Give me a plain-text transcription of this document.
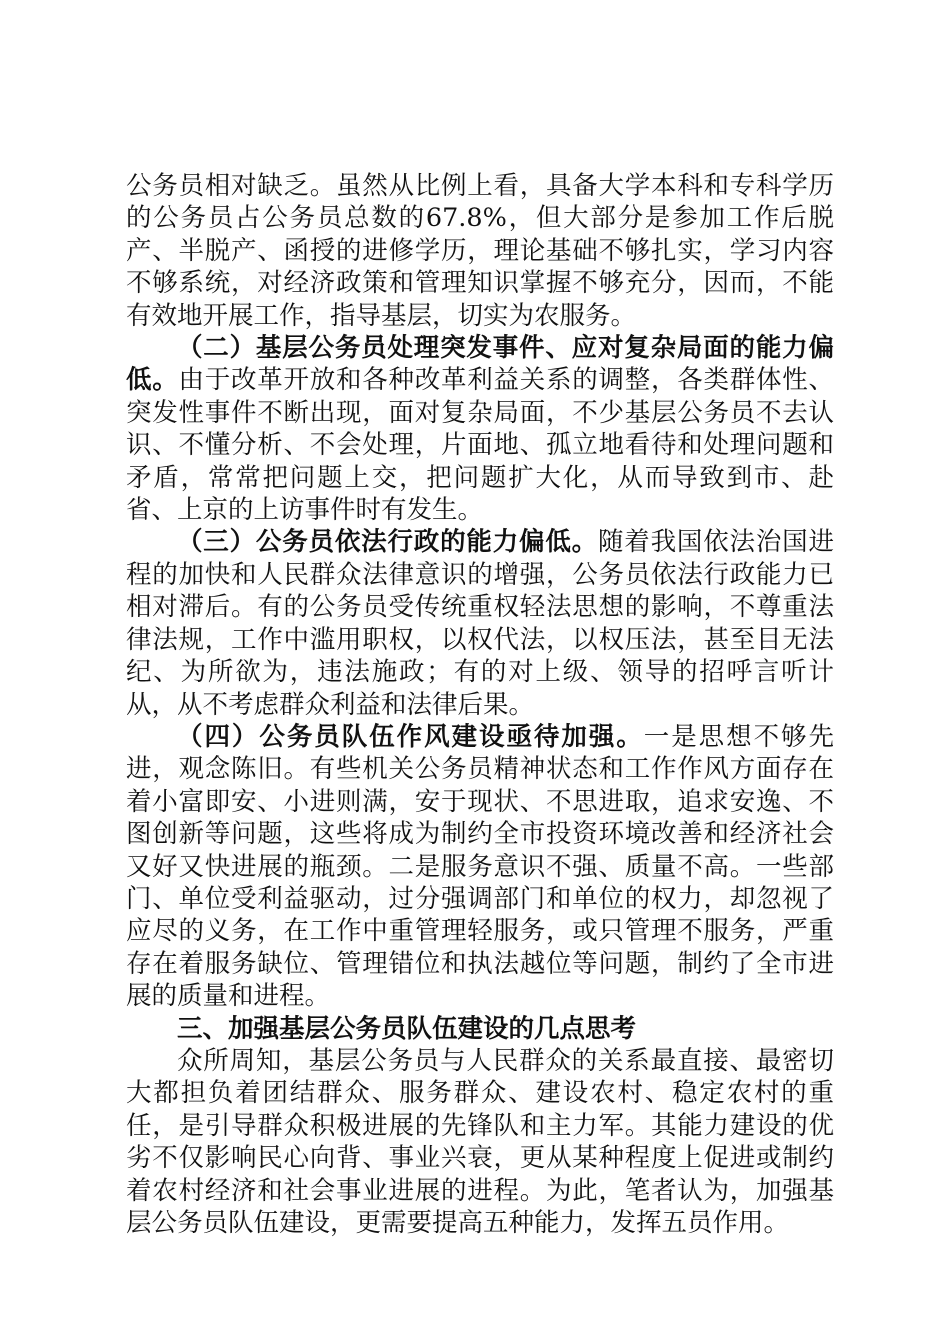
公务员相对缺乏。虽然从比例上看，具备大学本科和专科学历的公务员占公务员总数的67.8%，但大部分是参加工作后脱产、半脱产、函授的进修学历，理论基础不够扎实，学习内容不够系统，对经济政策和管理知识掌握不够充分，因而，不能有效地开展工作，指导基层，切实为农服务。

（二）基层公务员处理突发事件、应对复杂局面的能力偏低。由于改革开放和各种改革利益关系的调整，各类群体性、突发性事件不断出现，面对复杂局面，不少基层公务员不去认识、不懂分析、不会处理，片面地、孤立地看待和处理问题和矛盾，常常把问题上交，把问题扩大化，从而导致到市、赴省、上京的上访事件时有发生。

（三）公务员依法行政的能力偏低。随着我国依法治国进程的加快和人民群众法律意识的增强，公务员依法行政能力已相对滞后。有的公务员受传统重权轻法思想的影响，不尊重法律法规，工作中滥用职权，以权代法，以权压法，甚至目无法纪、为所欲为，违法施政；有的对上级、领导的招呼言听计从，从不考虑群众利益和法律后果。

（四）公务员队伍作风建设亟待加强。一是思想不够先进，观念陈旧。有些机关公务员精神状态和工作作风方面存在着小富即安、小进则满，安于现状、不思进取，追求安逸、不图创新等问题，这些将成为制约全市投资环境改善和经济社会又好又快进展的瓶颈。二是服务意识不强、质量不高。一些部门、单位受利益驱动，过分强调部门和单位的权力，却忽视了应尽的义务，在工作中重管理轻服务，或只管理不服务，严重存在着服务缺位、管理错位和执法越位等问题，制约了全市进展的质量和进程。

三、加强基层公务员队伍建设的几点思考

众所周知，基层公务员与人民群众的关系最直接、最密切大都担负着团结群众、服务群众、建设农村、稳定农村的重任，是引导群众积极进展的先锋队和主力军。其能力建设的优劣不仅影响民心向背、事业兴衰，更从某种程度上促进或制约着农村经济和社会事业进展的进程。为此，笔者认为，加强基层公务员队伍建设，更需要提高五种能力，发挥五员作用。
